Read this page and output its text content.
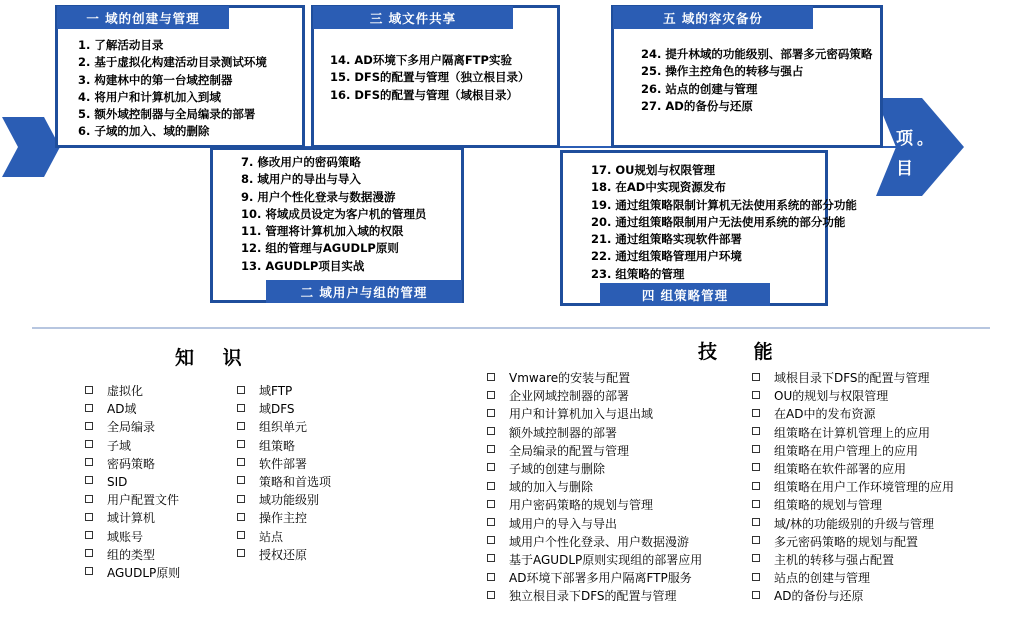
项 。
目
一 域的创建与管理
1. 了解活动目录
2. 基于虚拟化构建活动目录测试环境
3. 构建林中的第一台域控制器
4. 将用户和计算机加入到域
5. 额外域控制器与全局编录的部署
6. 子域的加入、域的删除
三 域文件共享
14. AD环境下多用户隔离FTP实验
15. DFS的配置与管理（独立根目录）
16. DFS的配置与管理（域根目录）
五 域的容灾备份
24. 提升林域的功能级别、部署多元密码策略
25. 操作主控角色的转移与强占
26. 站点的创建与管理
27. AD的备份与还原
7. 修改用户的密码策略
8. 域用户的导出与导入
9. 用户个性化登录与数据漫游
10. 将域成员设定为客户机的管理员
11. 管理将计算机加入域的权限
12. 组的管理与AGUDLP原则
13. AGUDLP项目实战
二 域用户与组的管理
17. OU规划与权限管理
18. 在AD中实现资源发布
19. 通过组策略限制计算机无法使用系统的部分功能
20. 通过组策略限制用户无法使用系统的部分功能
21. 通过组策略实现软件部署
22. 通过组策略管理用户环境
23. 组策略的管理
四 组策略管理
知 识
虚拟化
AD域
全局编录
子域
密码策略
SID
用户配置文件
域计算机
域账号
组的类型
AGUDLP原则
域FTP
域DFS
组织单元
组策略
软件部署
策略和首选项
域功能级别
操作主控
站点
授权还原
技 能
Vmware的安装与配置
企业网域控制器的部署
用户和计算机加入与退出域
额外域控制器的部署
全局编录的配置与管理
子域的创建与删除
域的加入与删除
用户密码策略的规划与管理
域用户的导入与导出
域用户个性化登录、用户数据漫游
基于AGUDLP原则实现组的部署应用
AD环境下部署多用户隔离FTP服务
独立根目录下DFS的配置与管理
域根目录下DFS的配置与管理
OU的规划与权限管理
在AD中的发布资源
组策略在计算机管理上的应用
组策略在用户管理上的应用
组策略在软件部署的应用
组策略在用户工作环境管理的应用
组策略的规划与管理
域/林的功能级别的升级与管理
多元密码策略的规划与配置
主机的转移与强占配置
站点的创建与管理
AD的备份与还原
